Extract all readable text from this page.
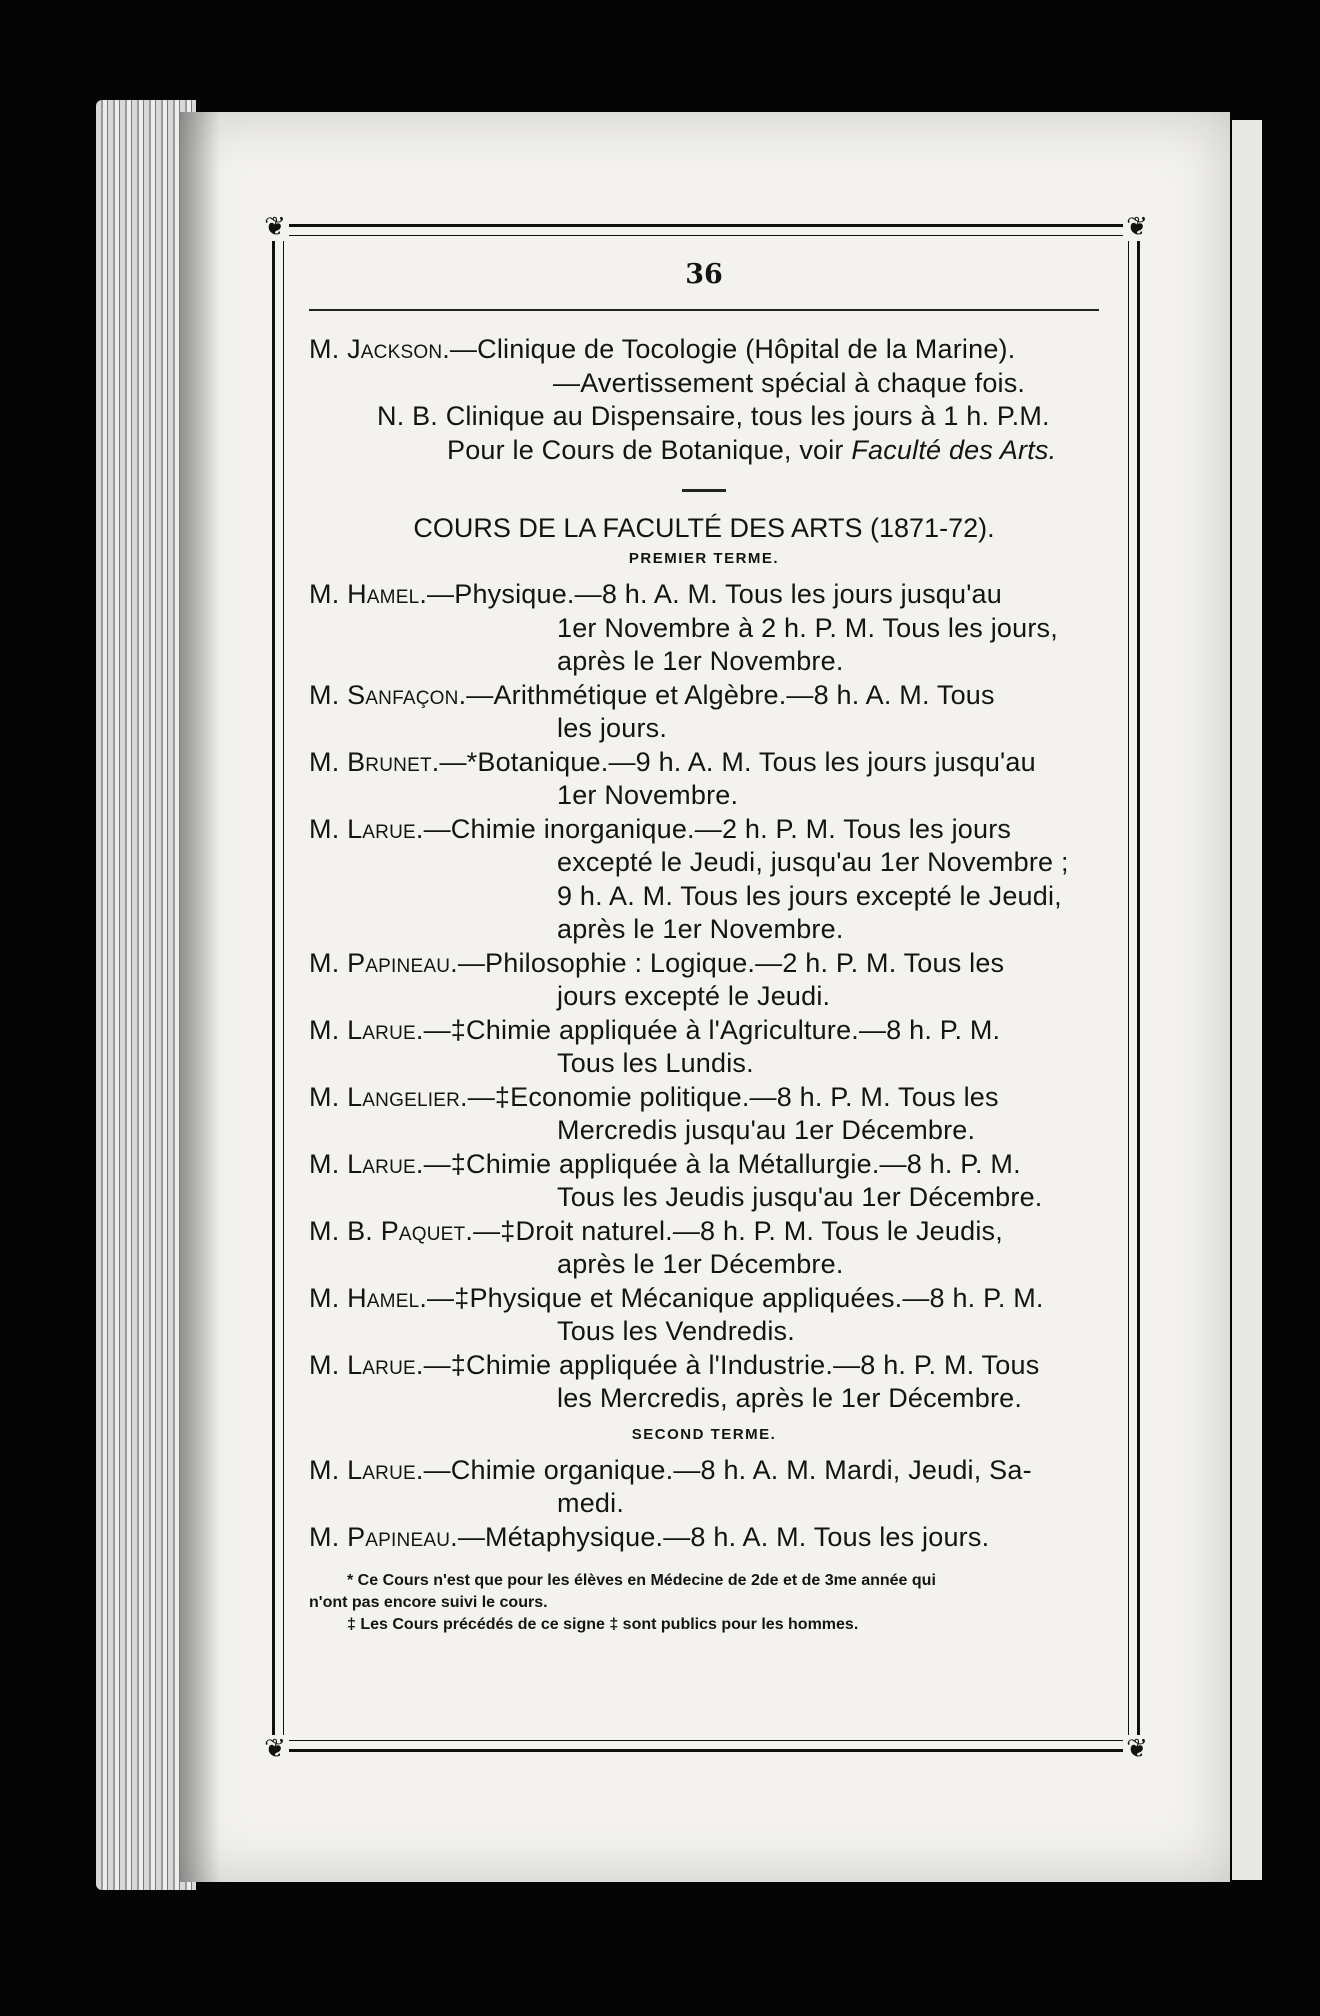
❦	❦
❦	❦
36
M. Jackson.—Clinique de Tocologie (Hôpital de la Marine).
—Avertissement spécial à chaque fois.
N. B. Clinique au Dispensaire, tous les jours à 1 h. P.M.
Pour le Cours de Botanique, voir Faculté des Arts.
COURS DE LA FACULTÉ DES ARTS (1871-72).
PREMIER TERME.
M. Hamel.—Physique.—8 h. A. M. Tous les jours jusqu'au
1er Novembre à 2 h. P. M. Tous les jours,
après le 1er Novembre.
M. Sanfaçon.—Arithmétique et Algèbre.—8 h. A. M. Tous
les jours.
M. Brunet.—*Botanique.—9 h. A. M. Tous les jours jusqu'au
1er Novembre.
M. Larue.—Chimie inorganique.—2 h. P. M. Tous les jours
excepté le Jeudi, jusqu'au 1er Novembre ;
9 h. A. M. Tous les jours excepté le Jeudi,
après le 1er Novembre.
M. Papineau.—Philosophie : Logique.—2 h. P. M. Tous les
jours excepté le Jeudi.
M. Larue.—‡Chimie appliquée à l'Agriculture.—8 h. P. M.
Tous les Lundis.
M. Langelier.—‡Economie politique.—8 h. P. M. Tous les
Mercredis jusqu'au 1er Décembre.
M. Larue.—‡Chimie appliquée à la Métallurgie.—8 h. P. M.
Tous les Jeudis jusqu'au 1er Décembre.
M. B. Paquet.—‡Droit naturel.—8 h. P. M. Tous le Jeudis,
après le 1er Décembre.
M. Hamel.—‡Physique et Mécanique appliquées.—8 h. P. M.
Tous les Vendredis.
M. Larue.—‡Chimie appliquée à l'Industrie.—8 h. P. M. Tous
les Mercredis, après le 1er Décembre.
SECOND TERME.
M. Larue.—Chimie organique.—8 h. A. M. Mardi, Jeudi, Sa-
medi.
M. Papineau.—Métaphysique.—8 h. A. M. Tous les jours.
* Ce Cours n'est que pour les élèves en Médecine de 2de et de 3me année qui
n'ont pas encore suivi le cours.
‡ Les Cours précédés de ce signe ‡ sont publics pour les hommes.
